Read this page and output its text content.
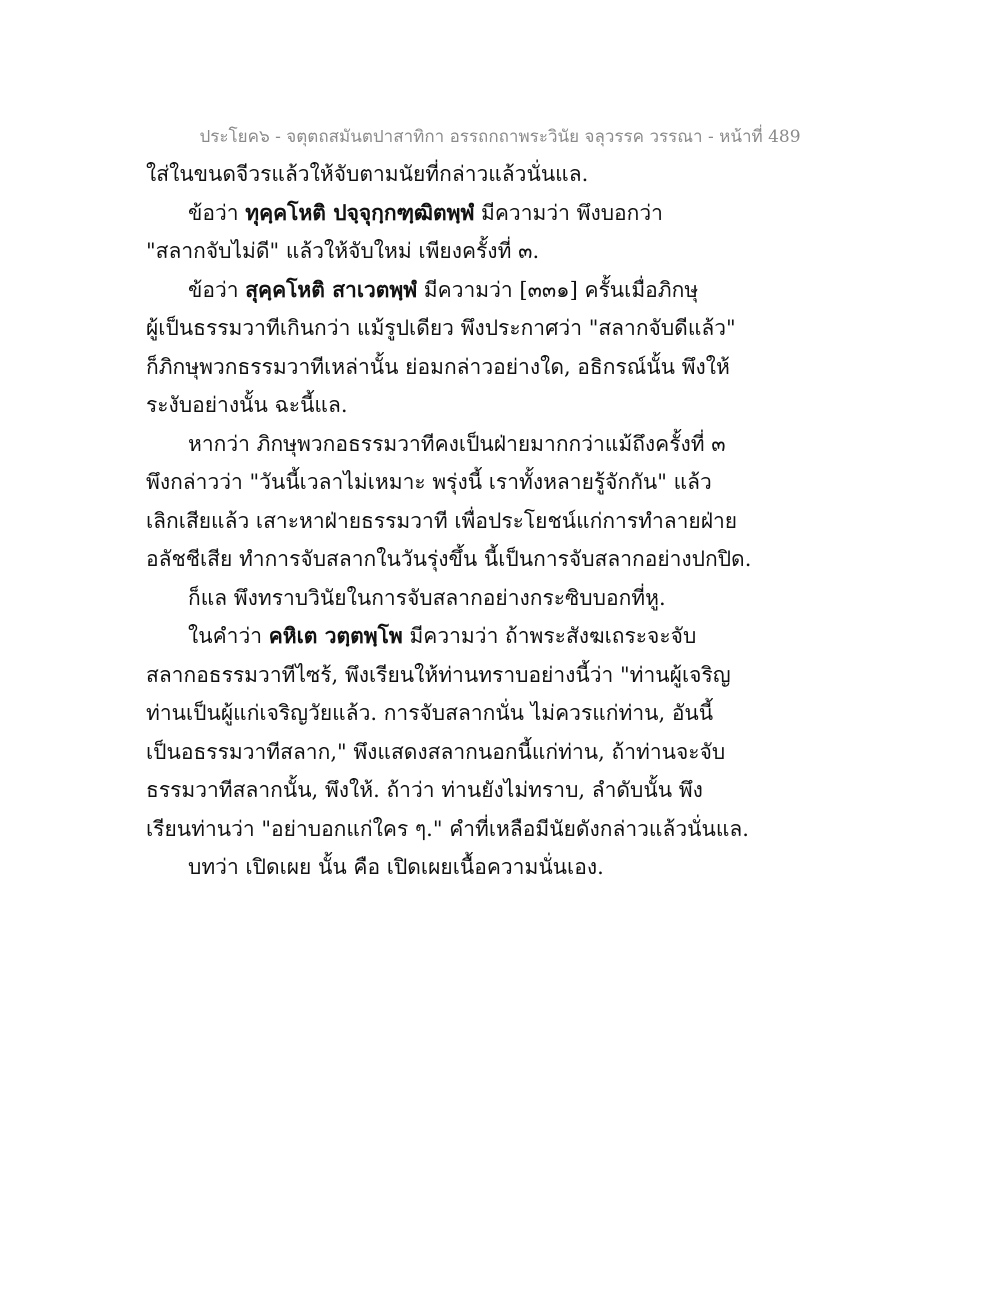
ประโยค๖ - จตุตถสมันตปาสาทิกา อรรถกถาพระวินัย จลุวรรค วรรณา - หน้าที่ 489
ใส่ในขนดจีวรแล้วให้จับตามนัยที่กล่าวแล้วนั่นแล.
ข้อว่า ทุคฺคโหติ ปจฺจุกฺกฑฺฒิตพฺพํ มีความว่า พึงบอกว่า
"สลากจับไม่ดี" แล้วให้จับใหม่ เพียงครั้งที่ ๓.
ข้อว่า สุคฺคโหติ สาเวตพฺพํ มีความว่า [๓๓๑] ครั้นเมื่อภิกษุ
ผู้เป็นธรรมวาทีเกินกว่า แม้รูปเดียว พึงประกาศว่า "สลากจับดีแล้ว"
ก็ภิกษุพวกธรรมวาทีเหล่านั้น ย่อมกล่าวอย่างใด, อธิกรณ์นั้น พึงให้
ระงับอย่างนั้น ฉะนี้แล.
หากว่า ภิกษุพวกอธรรมวาทีคงเป็นฝ่ายมากกว่าแม้ถึงครั้งที่ ๓
พึงกล่าวว่า "วันนี้เวลาไม่เหมาะ พรุ่งนี้ เราทั้งหลายรู้จักกัน" แล้ว
เลิกเสียแล้ว เสาะหาฝ่ายธรรมวาที เพื่อประโยชน์แก่การทำลายฝ่าย
อลัชชีเสีย ทำการจับสลากในวันรุ่งขึ้น นี้เป็นการจับสลากอย่างปกปิด.
ก็แล พึงทราบวินัยในการจับสลากอย่างกระซิบบอกที่หู.
ในคำว่า คหิเต วตฺตพฺโพ มีความว่า ถ้าพระสังฆเถระจะจับ
สลากอธรรมวาทีไซร้, พึงเรียนให้ท่านทราบอย่างนี้ว่า "ท่านผู้เจริญ
ท่านเป็นผู้แก่เจริญวัยแล้ว. การจับสลากนั่น ไม่ควรแก่ท่าน, อันนี้
เป็นอธรรมวาทีสลาก," พึงแสดงสลากนอกนี้แก่ท่าน, ถ้าท่านจะจับ
ธรรมวาทีสลากนั้น, พึงให้. ถ้าว่า ท่านยังไม่ทราบ, ลำดับนั้น พึง
เรียนท่านว่า "อย่าบอกแก่ใคร ๆ." คำที่เหลือมีนัยดังกล่าวแล้วนั่นแล.
บทว่า เปิดเผย นั้น คือ เปิดเผยเนื้อความนั่นเอง.
